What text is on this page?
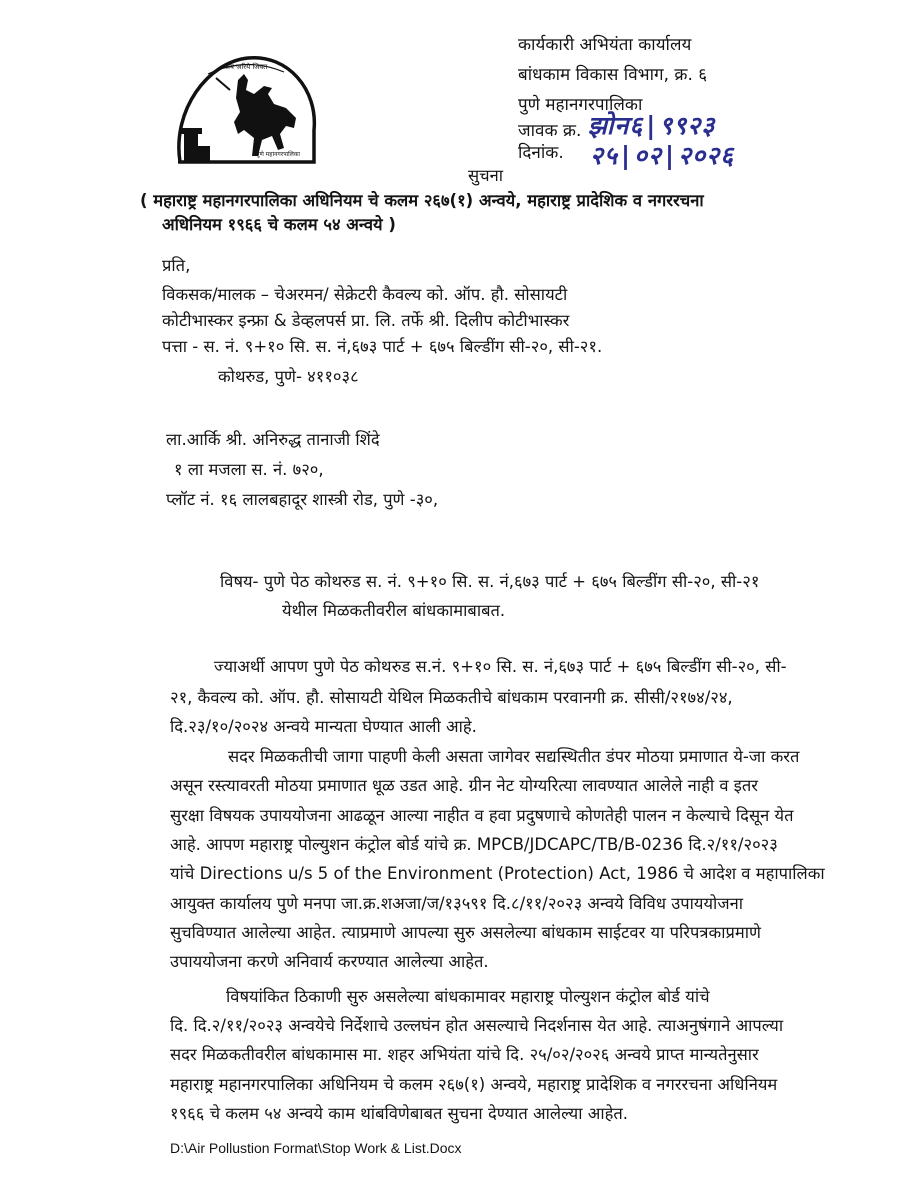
जय जरिये जिवत
पुणे महानगरपालिका
कार्यकारी अभियंता कार्यालय
बांधकाम विकास विभाग, क्र. ६
पुणे महानगरपालिका
जावक क्र. झोन६|९९२३
दिनांक. २५|०२|२०२६
सुचना
( महाराष्ट्र महानगरपालिका अधिनियम चे कलम २६७(१) अन्वये, महाराष्ट्र प्रादेशिक व नगररचना
अधिनियम १९६६ चे कलम ५४ अन्वये )
प्रति,
विकसक/मालक – चेअरमन/ सेक्रेटरी कैवल्य को. ऑप. हौ. सोसायटी
कोटीभास्कर इन्फ्रा & डेव्हलपर्स प्रा. लि. तर्फे श्री. दिलीप कोटीभास्कर
पत्ता - स. नं. ९+१० सि. स. नं,६७३ पार्ट + ६७५ बिल्डींग सी-२०, सी-२१.
कोथरुड, पुणे- ४११०३८
ला.आर्कि श्री. अनिरुद्ध तानाजी शिंदे
१ ला मजला स. नं. ७२०,
प्लॉट नं. १६ लालबहादूर शास्त्री रोड, पुणे -३०,
विषय- पुणे पेठ कोथरुड स. नं. ९+१० सि. स. नं,६७३ पार्ट + ६७५ बिल्डींग सी-२०, सी-२१
येथील मिळकतीवरील बांधकामाबाबत.
ज्याअर्थी आपण पुणे पेठ कोथरुड स.नं. ९+१० सि. स. नं,६७३ पार्ट + ६७५ बिल्डींग सी-२०, सी-
२१, कैवल्य को. ऑप. हौ. सोसायटी येथिल मिळकतीचे बांधकाम परवानगी क्र. सीसी/२१७४/२४,
दि.२३/१०/२०२४ अन्वये मान्यता घेण्यात आली आहे.
सदर मिळकतीची जागा पाहणी केली असता जागेवर सद्यस्थितीत डंपर मोठया प्रमाणात ये-जा करत
असून रस्त्यावरती मोठया प्रमाणात धूळ उडत आहे. ग्रीन नेट योग्यरित्या लावण्यात आलेले नाही व इतर
सुरक्षा विषयक उपाययोजना आढळून आल्या नाहीत व हवा प्रदुषणाचे कोणतेही पालन न केल्याचे दिसून येत
आहे. आपण महाराष्ट्र पोल्युशन कंट्रोल बोर्ड यांचे क्र. MPCB/JDCAPC/TB/B-0236 दि.२/११/२०२३
यांचे Directions u/s 5 of the Environment (Protection) Act, 1986 चे आदेश व महापालिका
आयुक्त कार्यालय पुणे मनपा जा.क्र.शअजा/ज/१३५९१ दि.८/११/२०२३ अन्वये विविध उपाययोजना
सुचविण्यात आलेल्या आहेत. त्याप्रमाणे आपल्या सुरु असलेल्या बांधकाम साईटवर या परिपत्रकाप्रमाणे
उपाययोजना करणे अनिवार्य करण्यात आलेल्या आहेत.
विषयांकित ठिकाणी सुरु असलेल्या बांधकामावर महाराष्ट्र पोल्युशन कंट्रोल बोर्ड यांचे
दि. दि.२/११/२०२३ अन्वयेचे निर्देशाचे उल्लघंन होत असल्याचे निदर्शनास येत आहे. त्याअनुषंगाने आपल्या
सदर मिळकतीवरील बांधकामास मा. शहर अभियंता यांचे दि. २५/०२/२०२६ अन्वये प्राप्त मान्यतेनुसार
महाराष्ट्र महानगरपालिका अधिनियम चे कलम २६७(१) अन्वये, महाराष्ट्र प्रादेशिक व नगररचना अधिनियम
१९६६ चे कलम ५४ अन्वये काम थांबविणेबाबत सुचना देण्यात आलेल्या आहेत.
D:\Air Pollustion Format\Stop Work & List.Docx
